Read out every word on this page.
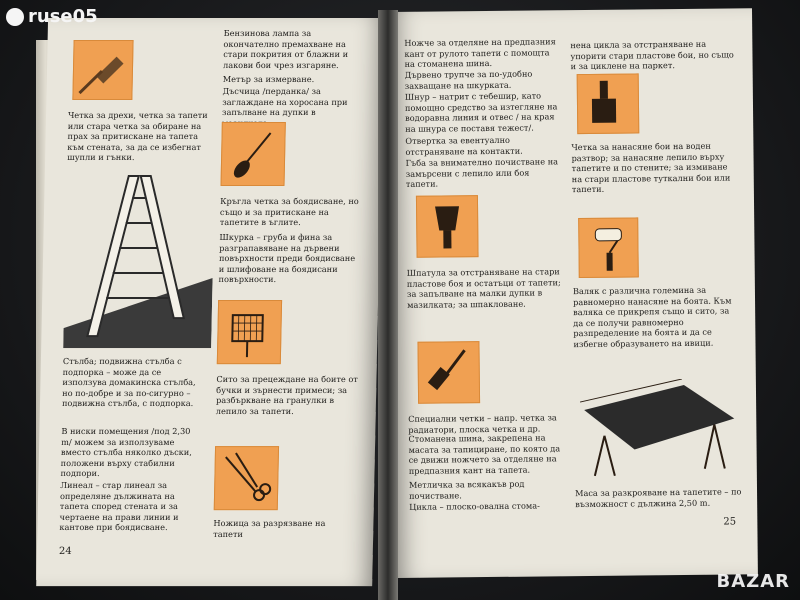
Четка за дрехи, четка за тапети или стара четка за обиране на прах за притискане на тапета към стената, за да се избегнат шупли и гънки.
Стълба; подвижна стълба с подпорка – може да се използува домакинска стълба, но по-добре и за по-сигурно – подвижна стълба, с подпорка.
В ниски помещения /под 2,30 m/ можем за използуваме вместо стълба няколко дъски, положени върху стабилни подпори.
Линеал – стар линеал за определяне дължината на тапета според стената и за чертаене на прави линии и кантове при боядисване.
24
Бензинова лампа за окончателно премахване на стари покрития от блажни и лакови бои чрез изгаряне.
Метър за измерване.
Дъсчица /перданка/ за заглаждане на хоросана при запълване на дупки в
Кръгла четка за боядисване, но също и за притискане на тапетите в ъглите.
Шкурка – груба и фина за разграпавяване на дървени повърхности преди боядисване и шлифоване на боядисани повърхности.
Сито за прецеждане на боите от бучки и зърнести примеси; за разбъркване на гранулки в лепило за тапети.
Ножица за разрязване на тапети
Ножче за отделяне на предпазния кант от рулото тапети с помощта на стоманена шина.
Дървено трупче за по-удобно захващане на шкурката.
Шнур – натрит с тебешир, като помощно средство за изтегляне на водоравна линия и отвес / на края на шнура се поставя тежест/.
Отвертка за евентуално отстраняване на контакти.
Гъба за внимателно почистване на замърсени с лепило или боя тапети.
Шпатула за отстраняване на стари пластове боя и остатъци от тапети; за запълване на малки дупки в мазилката; за шпакловане.
Специални четки – напр. четка за радиатори, плоска четка и др.
Стоманена шина, закрепена на масата за тапициране, по която да се движи ножчето за отделяне на предпазния кант на тапета.
Метличка за всякакъв род почистване.
Цикла – плоско-овална стома-
нена цикла за отстраняване на упорити стари пластове бои, но също и за циклене на паркет.
Четка за нанасяне бои на воден разтвор; за нанасяне лепило върху тапетите и по стените; за измиване на стари пластове туткални бои или тапети.
Валяк с различна големина за равномерно нанасяне на боята. Към валяка се прикрепя също и сито, за да се получи равномерно разпределение на боята и да се избегне образуването на ивици.
Маса за разкрояване на тапетите – по възможност с дължина 2,50 m.
25
ruse05
BAZAR
